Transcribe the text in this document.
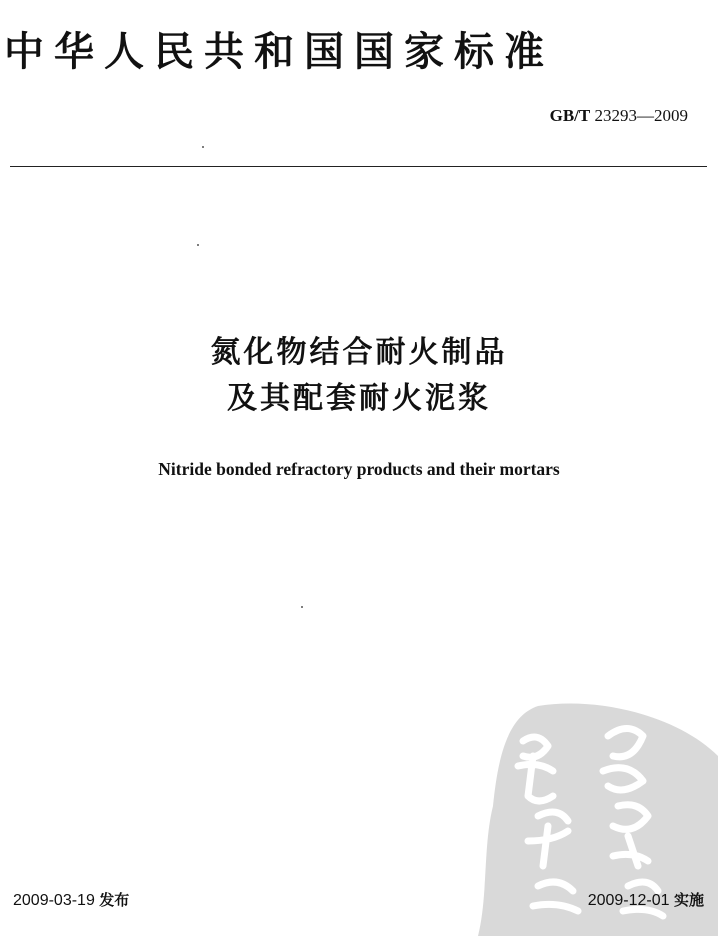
中华人民共和国国家标准
GB/T 23293—2009
氮化物结合耐火制品
及其配套耐火泥浆
Nitride bonded refractory products and their mortars
2009-03-19 发布	2009-12-01 实施
